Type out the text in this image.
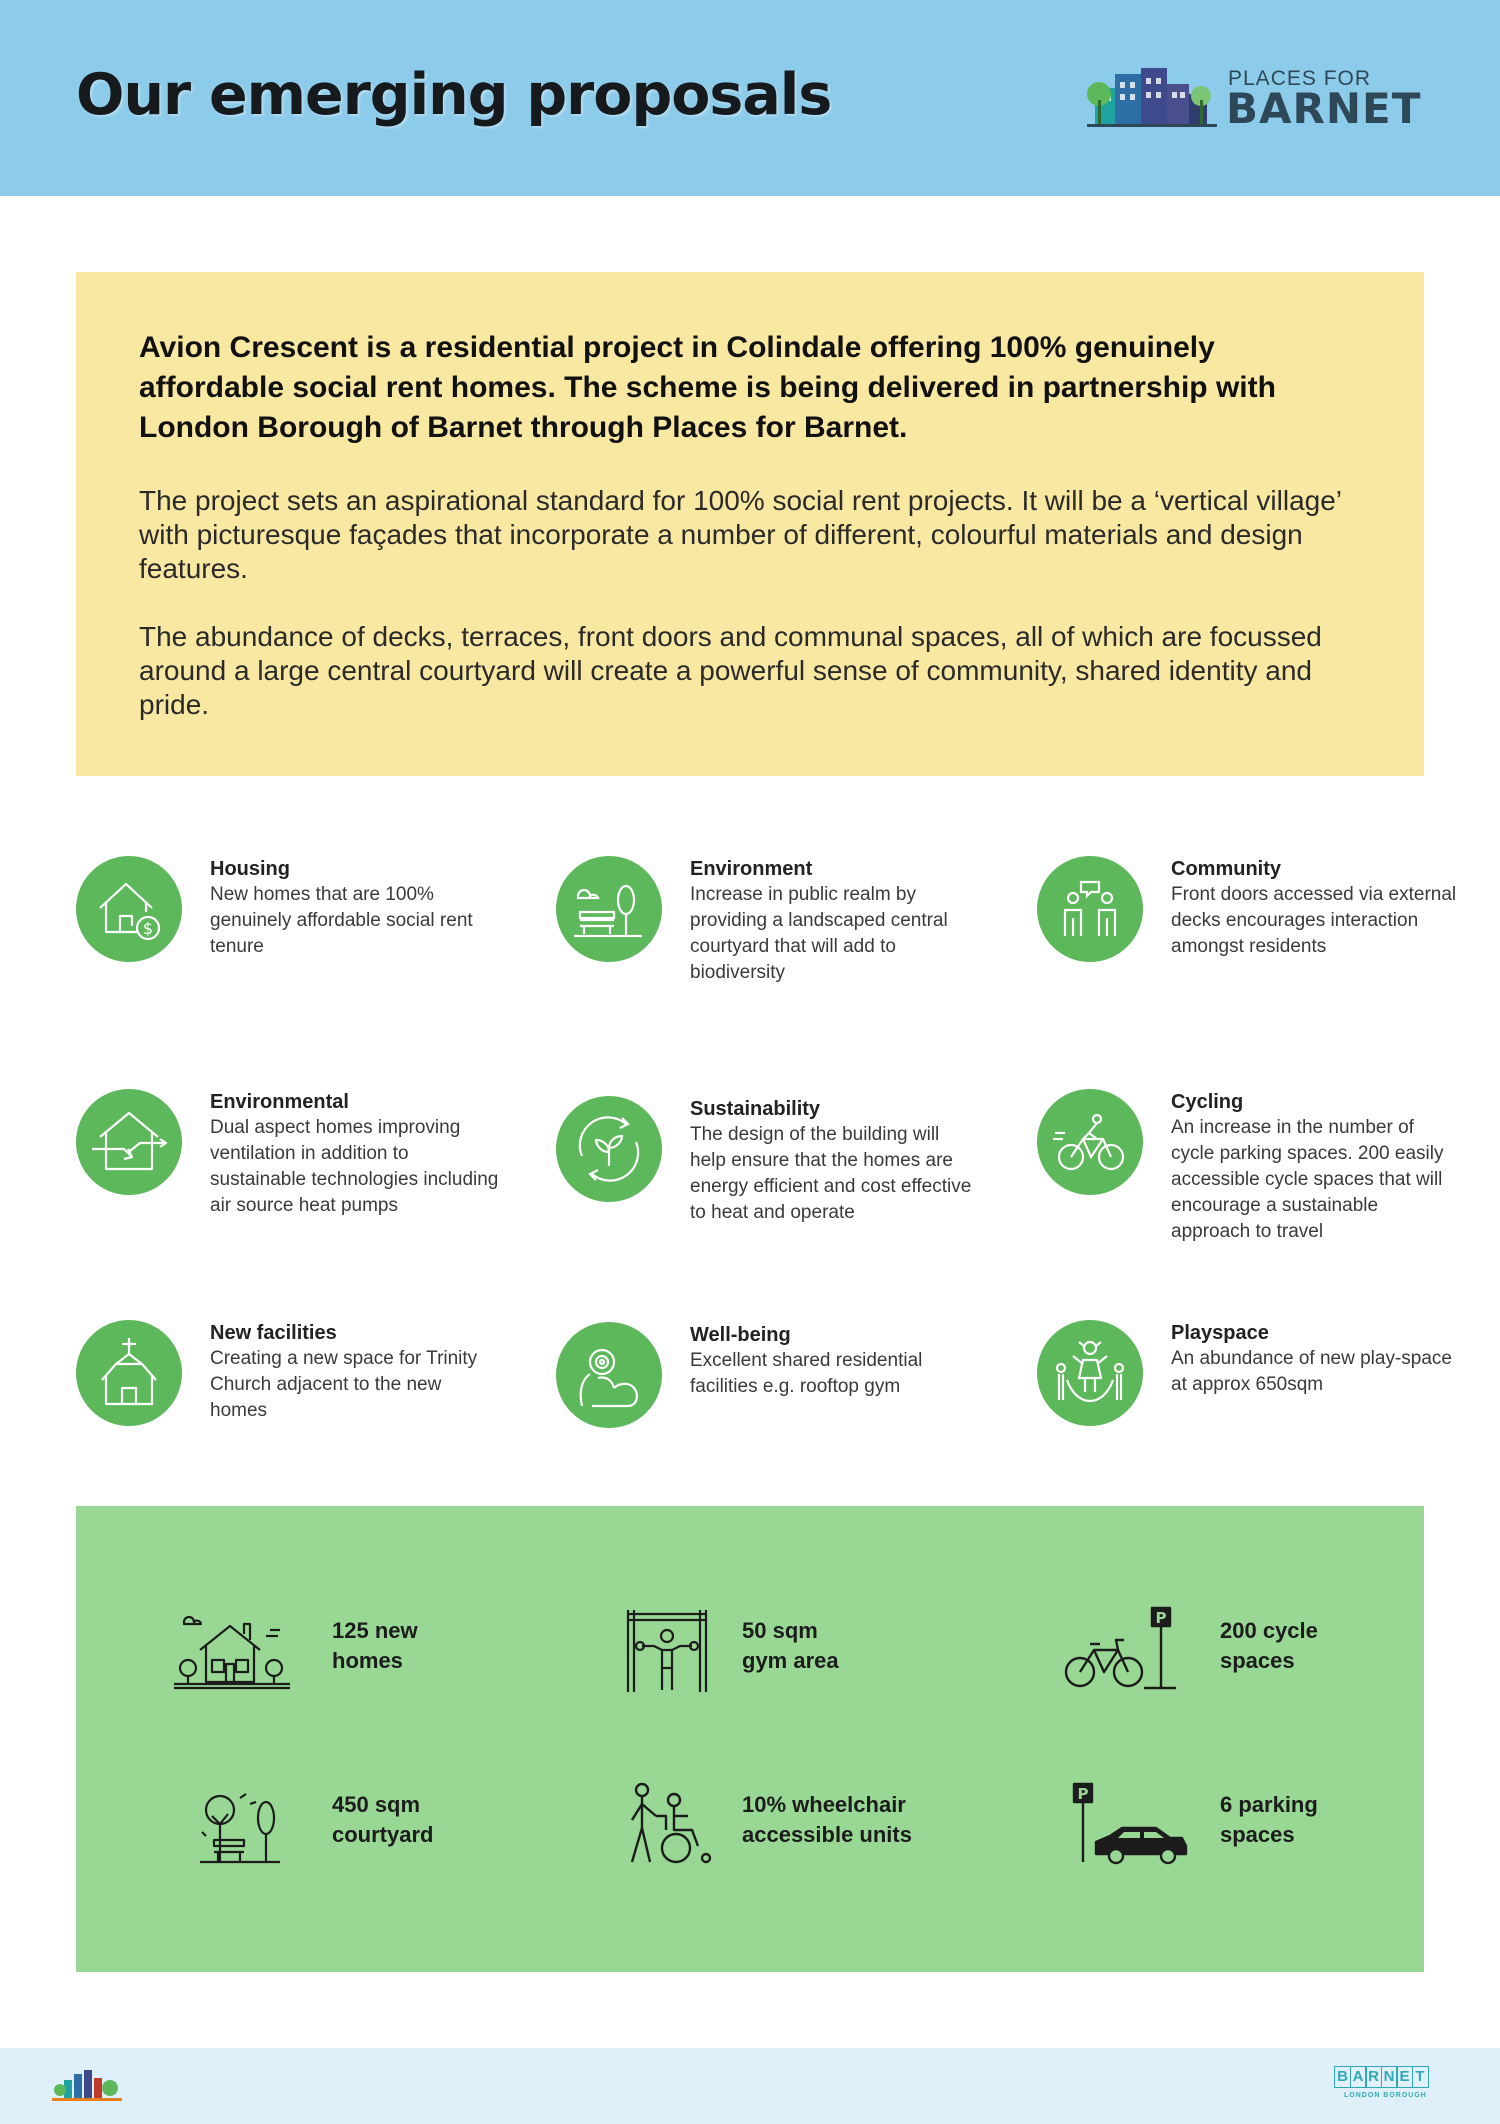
Our emerging proposals	PLACES FOR
BARNET

Avion Crescent is a residential project in Colindale offering 100% genuinely affordable social rent homes. The scheme is being delivered in partnership with London Borough of Barnet through Places for Barnet.

The project sets an aspirational standard for 100% social rent projects. It will be a ‘vertical village’ with picturesque façades that incorporate a number of different, colourful materials and design features.

The abundance of decks, terraces, front doors and communal spaces, all of which are focussed around a large central courtyard will create a powerful sense of community, shared identity and pride.

$
Housing
New homes that are 100% genuinely affordable social rent tenure
Environment
Increase in public realm by providing a landscaped central courtyard that will add to biodiversity
Community
Front doors accessed via external decks encourages interaction amongst residents
Environmental
Dual aspect homes improving ventilation in addition to sustainable technologies including air source heat pumps
Sustainability
The design of the building will help ensure that the homes are energy efficient and cost effective to heat and operate
Cycling
An increase in the number of cycle parking spaces. 200 easily accessible cycle spaces that will encourage a sustainable approach to travel
New facilities
Creating a new space for Trinity Church adjacent to the new homes
Well-being
Excellent shared residential facilities e.g. rooftop gym
Playspace
An abundance of new play-space at approx 650sqm
125 new
homes
50 sqm
gym area
P 200 cycle
spaces
450 sqm
courtyard
10% wheelchair
accessible units
P	6 parking
spaces
B A R N E T
LONDON BOROUGH
